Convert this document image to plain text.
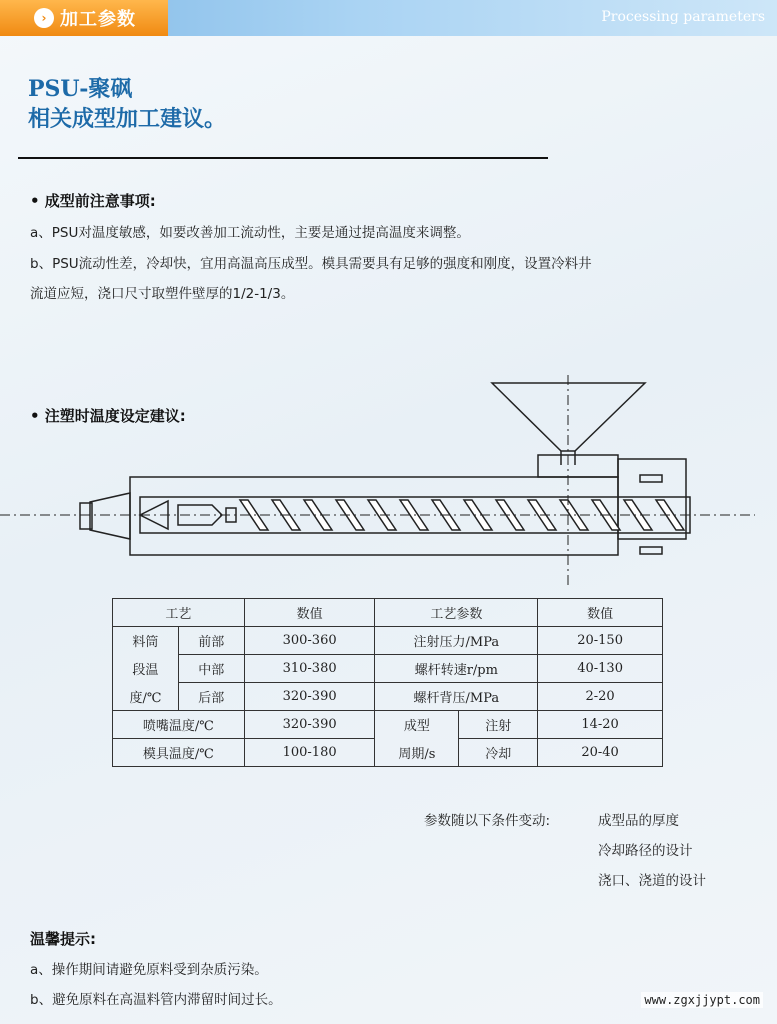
› 加工参数	Processing parameters
PSU-聚砜
相关成型加工建议。
• 成型前注意事项:
a、PSU对温度敏感，如要改善加工流动性，主要是通过提高温度来调整。
b、PSU流动性差，冷却快，宜用高温高压成型。模具需要具有足够的强度和刚度，设置冷料井
流道应短，浇口尺寸取塑件壁厚的1/2-1/3。
• 注塑时温度设定建议:
工艺		数值	工艺参数		数值
料筒	前部	300-360	注射压力/MPa		20-150
段温	中部	310-380	螺杆转速r/pm		40-130
度/℃	后部	320-390	螺杆背压/MPa		2-20
喷嘴温度/℃		320-390	成型	注射	14-20
模具温度/℃		100-180	周期/s	冷却	20-40
参数随以下条件变动:	成型品的厚度
冷却路径的设计
浇口、浇道的设计
温馨提示:
a、操作期间请避免原料受到杂质污染。
b、避免原料在高温料管内滞留时间过长。	www.zgxjjypt.com
